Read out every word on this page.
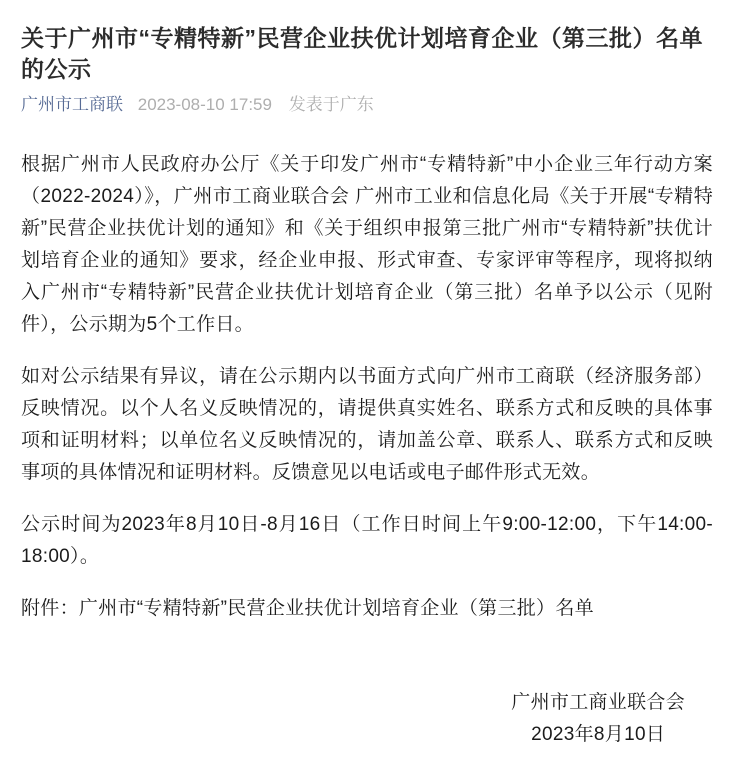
关于广州市“专精特新”民营企业扶优计划培育企业（第三批）名单的公示
广州市工商联 2023-08-10 17:59 发表于广东

根据广州市人民政府办公厅《关于印发广州市“专精特新”中小企业三年行动方案（2022-2024）》，广州市工商业联合会 广州市工业和信息化局《关于开展“专精特新”民营企业扶优计划的通知》和《关于组织申报第三批广州市“专精特新”扶优计划培育企业的通知》要求，经企业申报、形式审查、专家评审等程序，现将拟纳入广州市“专精特新”民营企业扶优计划培育企业（第三批）名单予以公示（见附件），公示期为5个工作日。

如对公示结果有异议，请在公示期内以书面方式向广州市工商联（经济服务部）反映情况。以个人名义反映情况的，请提供真实姓名、联系方式和反映的具体事项和证明材料；以单位名义反映情况的，请加盖公章、联系人、联系方式和反映事项的具体情况和证明材料。反馈意见以电话或电子邮件形式无效。

公示时间为2023年8月10日-8月16日（工作日时间上午9:00-12:00，下午14:00-18:00）。

附件：广州市“专精特新”民营企业扶优计划培育企业（第三批）名单

广州市工商业联合会
2023年8月10日
